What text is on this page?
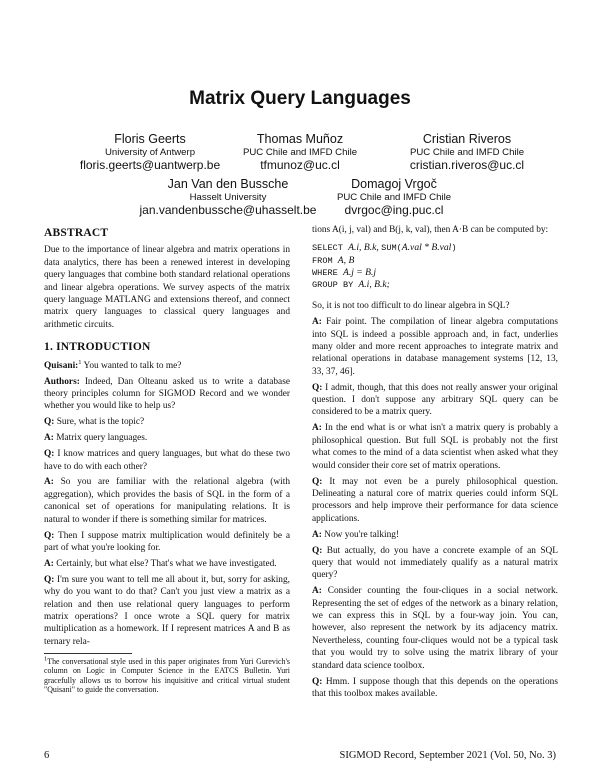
Matrix Query Languages
Floris Geerts
University of Antwerp
floris.geerts@uantwerp.be
Thomas Muñoz
PUC Chile and IMFD Chile
tfmunoz@uc.cl
Cristian Riveros
PUC Chile and IMFD Chile
cristian.riveros@uc.cl
Jan Van den Bussche
Hasselt University
jan.vandenbussche@uhasselt.be
Domagoj Vrgoč
PUC Chile and IMFD Chile
dvrgoc@ing.puc.cl
ABSTRACT

Due to the importance of linear algebra and matrix operations in data analytics, there has been a renewed interest in developing query languages that combine both standard relational operations and linear algebra operations. We survey aspects of the matrix query language MATLANG and extensions thereof, and connect matrix query languages to classical query languages and arithmetic circuits.

1. INTRODUCTION

Quisani:$^1$ You wanted to talk to me?

Authors: Indeed, Dan Olteanu asked us to write a database theory principles column for SIGMOD Record and we wonder whether you would like to help us?

Q: Sure, what is the topic?

A: Matrix query languages.

Q: I know matrices and query languages, but what do these two have to do with each other?

A: So you are familiar with the relational algebra (with aggregation), which provides the basis of SQL in the form of a canonical set of operations for manipulating relations. It is natural to wonder if there is something similar for matrices.

Q: Then I suppose matrix multiplication would definitely be a part of what you're looking for.

A: Certainly, but what else? That's what we have investigated.

Q: I'm sure you want to tell me all about it, but, sorry for asking, why do you want to do that? Can't you just view a matrix as a relation and then use relational query languages to perform matrix operations? I once wrote a SQL query for matrix multiplication as a homework. If I represent matrices A and B as ternary rela-

$^1$The conversational style used in this paper originates from Yuri Gurevich's column on Logic in Computer Science in the EATCS Bulletin. Yuri gracefully allows us to borrow his inquisitive and critical virtual student "Quisani" to guide the conversation.

tions A(i, j, val) and B(j, k, val), then A·B can be computed by:

SELECT A.i, B.k, SUM(A.val * B.val)
FROM A, B
WHERE A.j = B.j
GROUP BY A.i, B.k;

So, it is not too difficult to do linear algebra in SQL?

A: Fair point. The compilation of linear algebra computations into SQL is indeed a possible approach and, in fact, underlies many older and more recent approaches to integrate matrix and relational operations in database management systems [12, 13, 33, 37, 46].

Q: I admit, though, that this does not really answer your original question. I don't suppose any arbitrary SQL query can be considered to be a matrix query.

A: In the end what is or what isn't a matrix query is probably a philosophical question. But full SQL is probably not the first what comes to the mind of a data scientist when asked what they would consider their core set of matrix operations.

Q: It may not even be a purely philosophical question. Delineating a natural core of matrix queries could inform SQL processors and help improve their performance for data science applications.

A: Now you're talking!

Q: But actually, do you have a concrete example of an SQL query that would not immediately qualify as a natural matrix query?

A: Consider counting the four-cliques in a social network. Representing the set of edges of the network as a binary relation, we can express this in SQL by a four-way join. You can, however, also represent the network by its adjacency matrix. Nevertheless, counting four-cliques would not be a typical task that you would try to solve using the matrix library of your standard data science toolbox.

Q: Hmm. I suppose though that this depends on the operations that this toolbox makes available.

6	SIGMOD Record, September 2021 (Vol. 50, No. 3)
